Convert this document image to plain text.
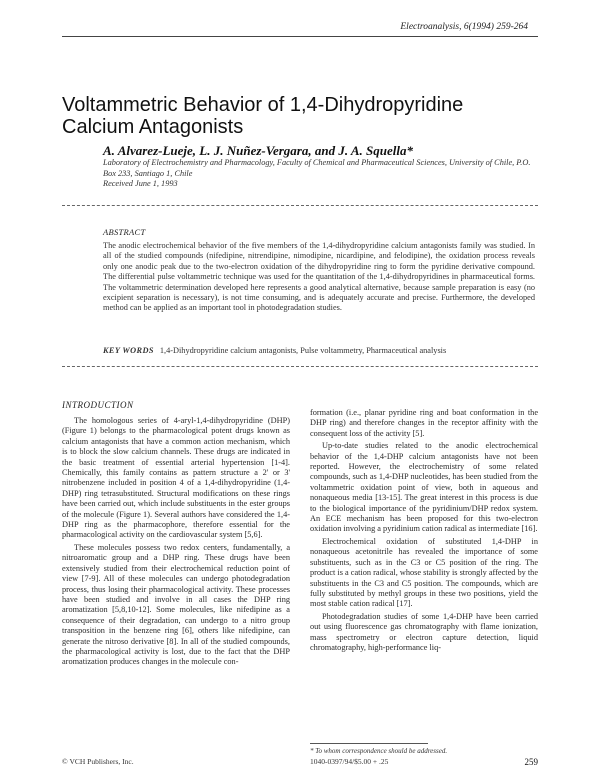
Electroanalysis, 6(1994) 259-264
Voltammetric Behavior of 1,4-Dihydropyridine Calcium Antagonists
A. Alvarez-Lueje, L. J. Nuñez-Vergara, and J. A. Squella*
Laboratory of Electrochemistry and Pharmacology, Faculty of Chemical and Pharmaceutical Sciences, University of Chile, P.O. Box 233, Santiago 1, Chile
Received June 1, 1993
ABSTRACT
The anodic electrochemical behavior of the five members of the 1,4-dihydropyridine calcium antagonists family was studied. In all of the studied compounds (nifedipine, nitrendipine, nimodipine, nicardipine, and felodipine), the oxidation process reveals only one anodic peak due to the two-electron oxidation of the dihydropyridine ring to form the pyridine derivative compound. The differential pulse voltammetric technique was used for the quantitation of the 1,4-dihydropyridines in pharmaceutical forms. The voltammetric determination developed here represents a good analytical alternative, because sample preparation is easy (no excipient separation is necessary), is not time consuming, and is adequately accurate and precise. Furthermore, the developed method can be applied as an important tool in photodegradation studies.
KEY WORDS 1,4-Dihydropyridine calcium antagonists, Pulse voltammetry, Pharmaceutical analysis
INTRODUCTION

The homologous series of 4-aryl-1,4-dihydropyridine (DHP) (Figure 1) belongs to the pharmacological potent drugs known as calcium antagonists that have a common action mechanism, which is to block the slow calcium channels. These drugs are indicated in the basic treatment of essential arterial hypertension [1-4]. Chemically, this family contains as pattern structure a 2' or 3' nitrobenzene included in position 4 of a 1,4-dihydropyridine (1,4-DHP) ring tetrasubstituted. Structural modifications on these rings have been carried out, which include substituents in the ester groups of the molecule (Figure 1). Several authors have considered the 1,4-DHP ring as the pharmacophore, therefore essential for the pharmacological activity on the cardiovascular system [5,6].

These molecules possess two redox centers, fundamentally, a nitroaromatic group and a DHP ring. These drugs have been extensively studied from their electrochemical reduction point of view [7-9]. All of these molecules can undergo photodegradation process, thus losing their pharmacological activity. These processes have been studied and involve in all cases the DHP ring aromatization [5,8,10-12]. Some molecules, like nifedipine as a consequence of their degradation, can undergo to a nitro group transposition in the benzene ring [6], others like nifedipine, can generate the nitroso derivative [8]. In all of the studied compounds, the pharmacological activity is lost, due to the fact that the DHP aromatization produces changes in the molecule con-

formation (i.e., planar pyridine ring and boat conformation in the DHP ring) and therefore changes in the receptor affinity with the consequent loss of the activity [5].

Up-to-date studies related to the anodic electrochemical behavior of the 1,4-DHP calcium antagonists have not been reported. However, the electrochemistry of some related compounds, such as 1,4-DHP nucleotides, has been studied from the voltammetric oxidation point of view, both in aqueous and nonaqueous media [13-15]. The great interest in this process is due to the biological importance of the pyridinium/DHP redox system. An ECE mechanism has been proposed for this two-electron oxidation involving a pyridinium cation radical as intermediate [16].

Electrochemical oxidation of substituted 1,4-DHP in nonaqueous acetonitrile has revealed the importance of some substituents, such as in the C3 or C5 position of the ring. The product is a cation radical, whose stability is strongly affected by the substituents in the C3 and C5 position. The compounds, which are fully substituted by methyl groups in these two positions, yield the most stable cation radical [17].

Photodegradation studies of some 1,4-DHP have been carried out using fluorescence gas chromatography with flame ionization, mass spectrometry or electron capture detection, liquid chromatography, high-performance liq-

* To whom correspondence should be addressed.
© VCH Publishers, Inc.	1040-0397/94/$5.00 + .25	259
